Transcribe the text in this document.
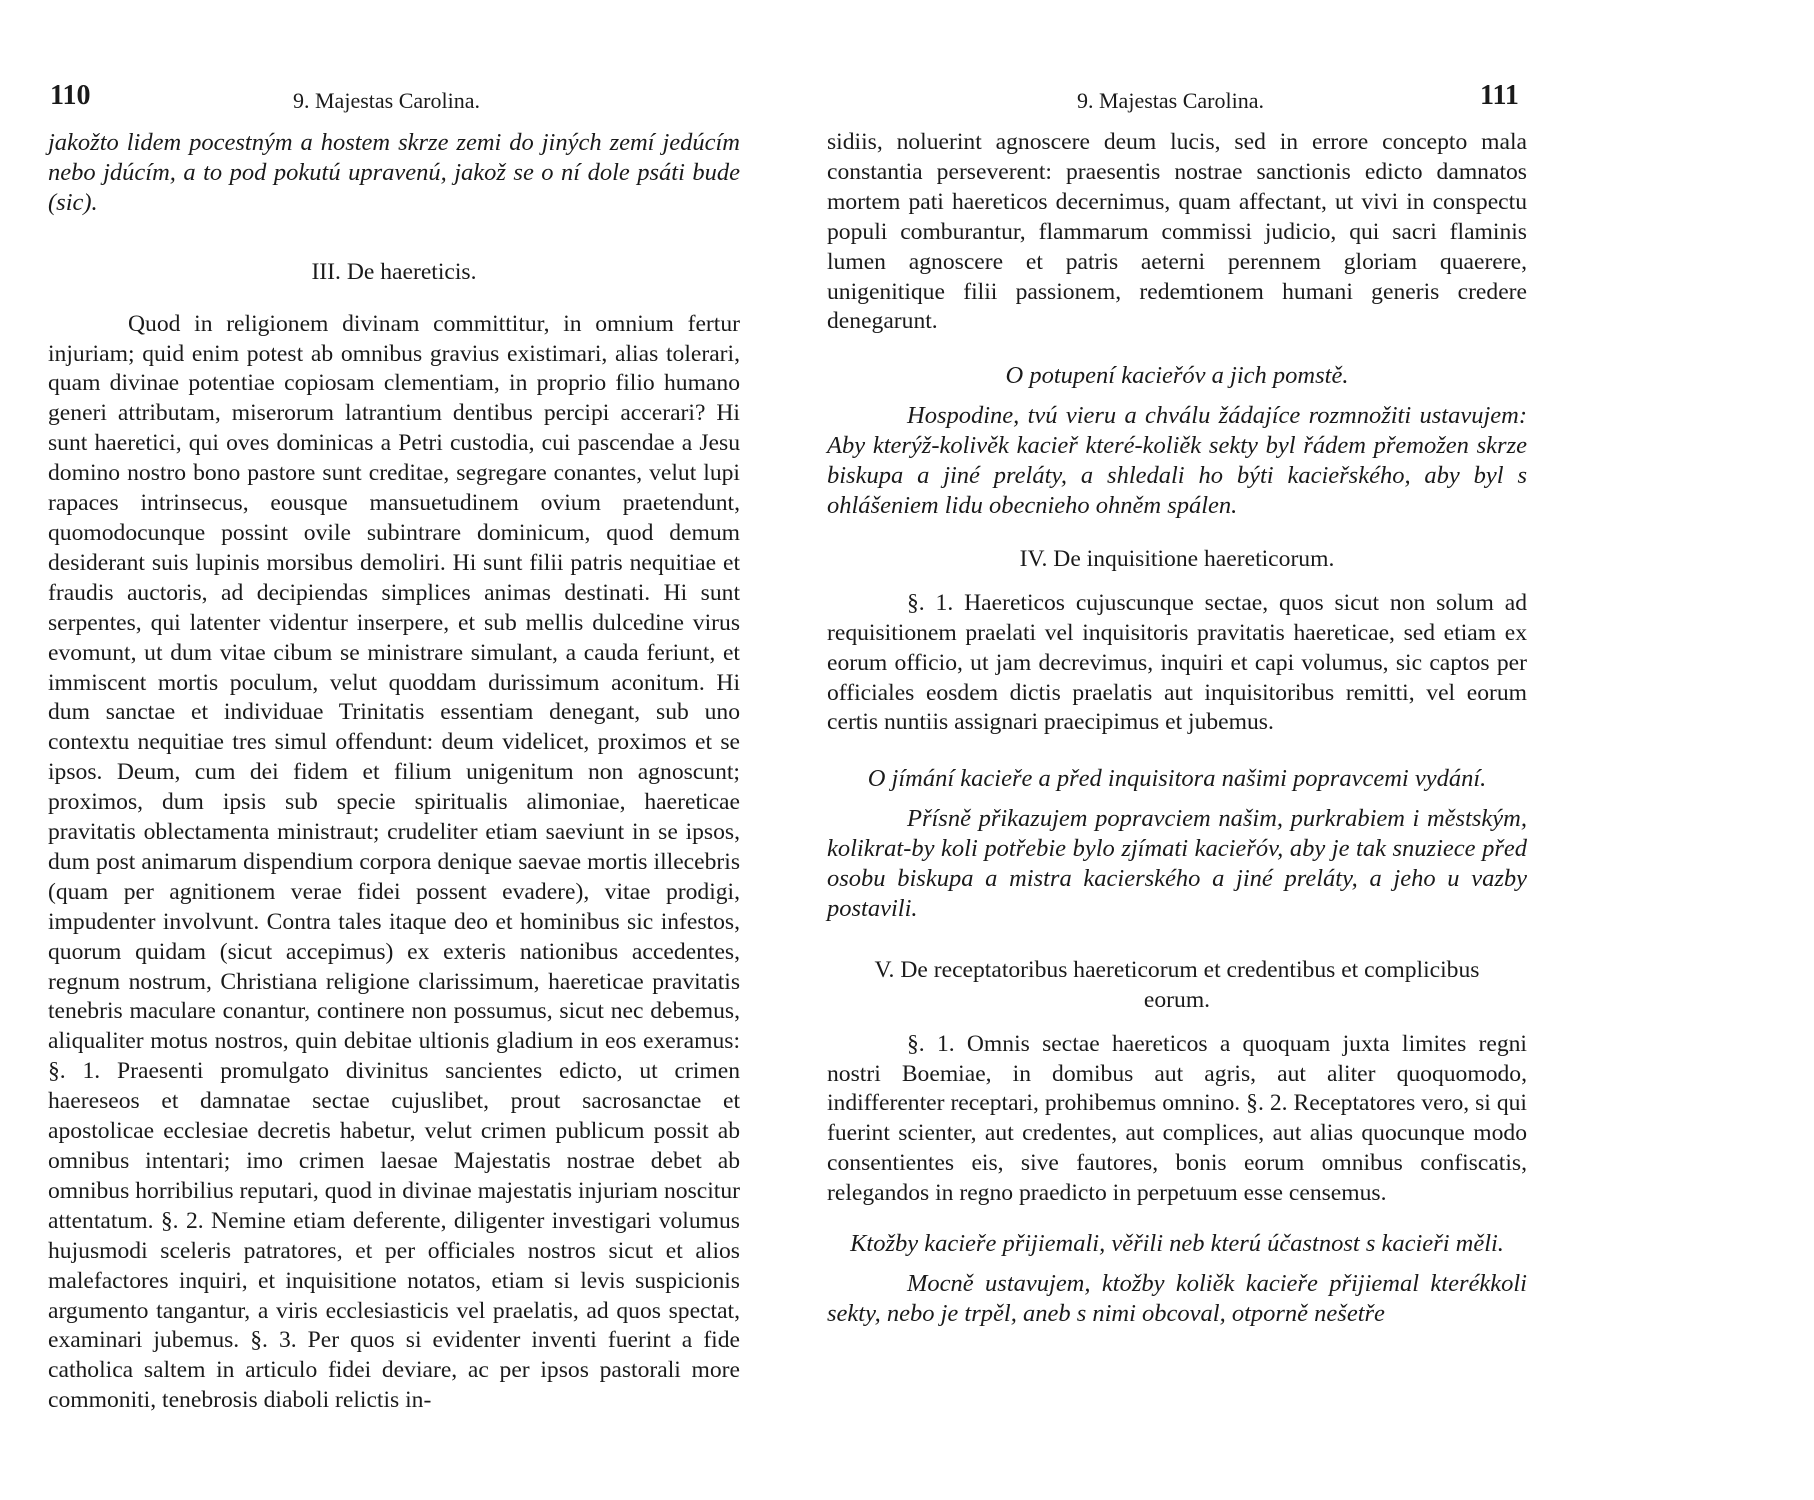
110	9. Majestas Carolina.

jakožto lidem pocestným a hostem skrze zemi do jiných zemí jedúcím nebo jdúcím, a to pod pokutú upravenú, jakož se o ní dole psáti bude (sic).

III. De haereticis.

Quod in religionem divinam committitur, in omnium fertur injuriam; quid enim potest ab omnibus gravius existimari, alias tolerari, quam divinae potentiae copiosam clementiam, in proprio filio humano generi attributam, miserorum latrantium dentibus percipi accerari? Hi sunt haeretici, qui oves dominicas a Petri custodia, cui pascendae a Jesu domino nostro bono pastore sunt creditae, segregare conantes, velut lupi rapaces intrinsecus, eousque mansuetudinem ovium praetendunt, quomodocunque possint ovile subintrare dominicum, quod demum desiderant suis lupinis morsibus demoliri. Hi sunt filii patris nequitiae et fraudis auctoris, ad decipiendas simplices animas destinati. Hi sunt serpentes, qui latenter videntur inserpere, et sub mellis dulcedine virus evomunt, ut dum vitae cibum se ministrare simulant, a cauda feriunt, et immiscent mortis poculum, velut quoddam durissimum aconitum. Hi dum sanctae et individuae Trinitatis essentiam denegant, sub uno contextu nequitiae tres simul offendunt: deum videlicet, proximos et se ipsos. Deum, cum dei fidem et filium unigenitum non agnoscunt; proximos, dum ipsis sub specie spiritualis alimoniae, haereticae pravitatis oblectamenta ministraut; crudeliter etiam saeviunt in se ipsos, dum post animarum dispendium corpora denique saevae mortis illecebris (quam per agnitionem verae fidei possent evadere), vitae prodigi, impudenter involvunt. Contra tales itaque deo et hominibus sic infestos, quorum quidam (sicut accepimus) ex exteris nationibus accedentes, regnum nostrum, Christiana religione clarissimum, haereticae pravitatis tenebris maculare conantur, continere non possumus, sicut nec debemus, aliqualiter motus nostros, quin debitae ultionis gladium in eos exeramus: §. 1. Praesenti promulgato divinitus sancientes edicto, ut crimen haereseos et damnatae sectae cujuslibet, prout sacrosanctae et apostolicae ecclesiae decretis habetur, velut crimen publicum possit ab omnibus intentari; imo crimen laesae Majestatis nostrae debet ab omnibus horribilius reputari, quod in divinae majestatis injuriam noscitur attentatum. §. 2. Nemine etiam deferente, diligenter investigari volumus hujusmodi sceleris patratores, et per officiales nostros sicut et alios malefactores inquiri, et inquisitione notatos, etiam si levis suspicionis argumento tangantur, a viris ecclesiasticis vel praelatis, ad quos spectat, examinari jubemus. §. 3. Per quos si evidenter inventi fuerint a fide catholica saltem in articulo fidei deviare, ac per ipsos pastorali more commoniti, tenebrosis diaboli relictis in-

9. Majestas Carolina.	111

sidiis, noluerint agnoscere deum lucis, sed in errore concepto mala constantia perseverent: praesentis nostrae sanctionis edicto damnatos mortem pati haereticos decernimus, quam affectant, ut vivi in conspectu populi comburantur, flammarum commissi judicio, qui sacri flaminis lumen agnoscere et patris aeterni perennem gloriam quaerere, unigenitique filii passionem, redemtionem humani generis credere denegarunt.

O potupení kacieřóv a jich pomstě.

Hospodine, tvú vieru a chválu žádajíce rozmnožiti ustavujem: Aby kterýž-kolivěk kacieř které-koliěk sekty byl řádem přemožen skrze biskupa a jiné preláty, a shledali ho býti kacieřského, aby byl s ohlášeniem lidu obecnieho ohněm spálen.

IV. De inquisitione haereticorum.

§. 1. Haereticos cujuscunque sectae, quos sicut non solum ad requisitionem praelati vel inquisitoris pravitatis haereticae, sed etiam ex eorum officio, ut jam decrevimus, inquiri et capi volumus, sic captos per officiales eosdem dictis praelatis aut inquisitoribus remitti, vel eorum certis nuntiis assignari praecipimus et jubemus.

O jímání kacieře a před inquisitora našimi popravcemi vydání.

Přísně přikazujem popravciem našim, purkrabiem i městským, kolikrat-by koli potřebie bylo zjímati kacieřóv, aby je tak snuziece před osobu biskupa a mistra kacierského a jiné preláty, a jeho u vazby postavili.

V. De receptatoribus haereticorum et credentibus et complicibus eorum.

§. 1. Omnis sectae haereticos a quoquam juxta limites regni nostri Boemiae, in domibus aut agris, aut aliter quoquomodo, indifferenter receptari, prohibemus omnino. §. 2. Receptatores vero, si qui fuerint scienter, aut credentes, aut complices, aut alias quocunque modo consentientes eis, sive fautores, bonis eorum omnibus confiscatis, relegandos in regno praedicto in perpetuum esse censemus.

Ktožby kacieře přijiemali, věřili neb kterú účastnost s kacieři měli.

Mocně ustavujem, ktožby koliěk kacieře přijiemal kterékkoli sekty, nebo je trpěl, aneb s nimi obcoval, otporně nešetře
